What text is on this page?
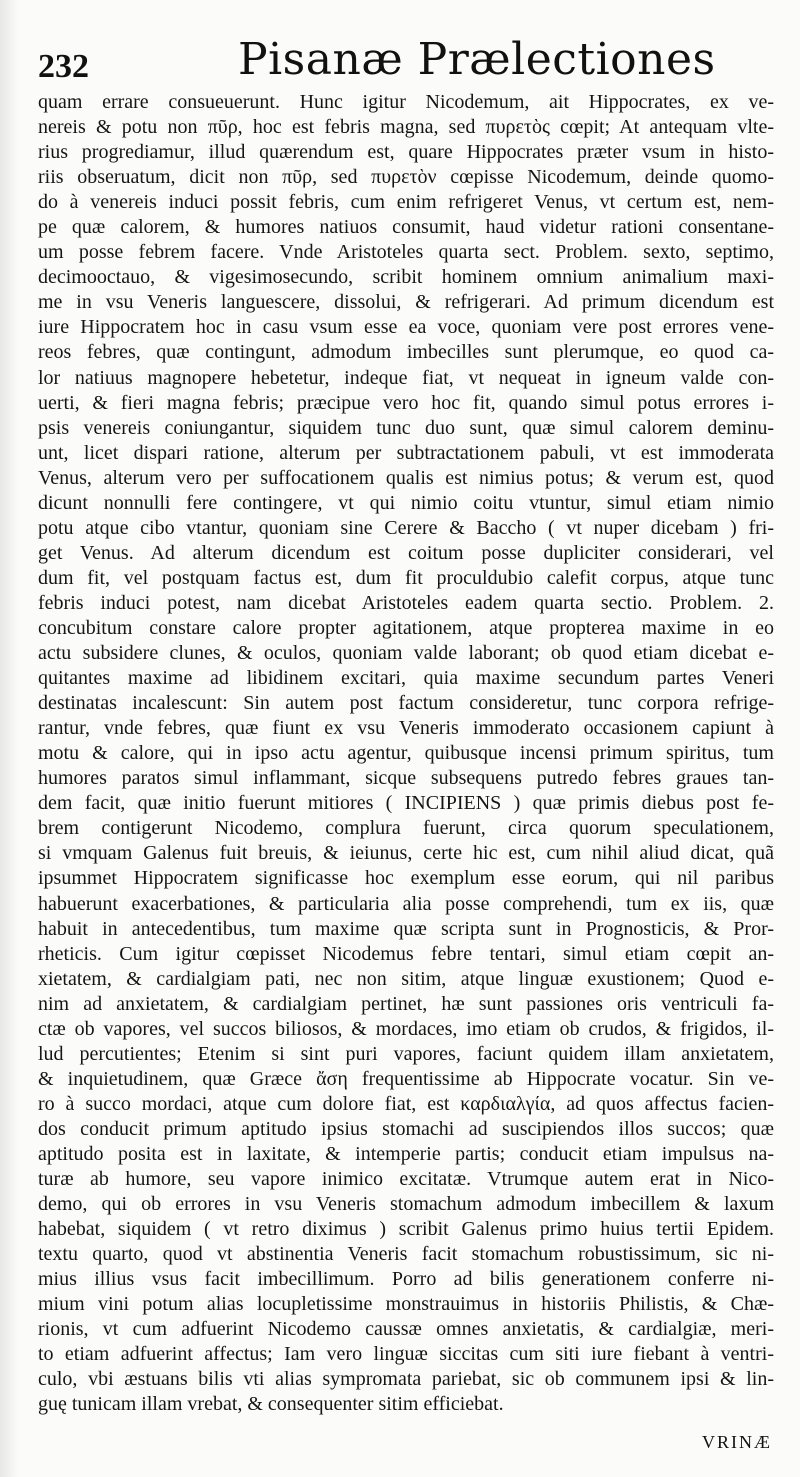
232	Pisanæ Prælectiones
quam errare consueuerunt. Hunc igitur Nicodemum, ait Hippocrates, ex ve-
nereis & potu non πῦρ, hoc est febris magna, sed πυρετὸς cœpit; At antequam vlte-
rius progrediamur, illud quærendum est, quare Hippocrates præter vsum in histo-
riis obseruatum, dicit non πῦρ, sed πυρετὸν cœpisse Nicodemum, deinde quomo-
do à venereis induci possit febris, cum enim refrigeret Venus, vt certum est, nem-
pe quæ calorem, & humores natiuos consumit, haud videtur rationi consentane-
um posse febrem facere. Vnde Aristoteles quarta sect. Problem. sexto, septimo,
decimooctauo, & vigesimosecundo, scribit hominem omnium animalium maxi-
me in vsu Veneris languescere, dissolui, & refrigerari. Ad primum dicendum est
iure Hippocratem hoc in casu vsum esse ea voce, quoniam vere post errores vene-
reos febres, quæ contingunt, admodum imbecilles sunt plerumque, eo quod ca-
lor natiuus magnopere hebetetur, indeque fiat, vt nequeat in igneum valde con-
uerti, & fieri magna febris; præcipue vero hoc fit, quando simul potus errores i-
psis venereis coniungantur, siquidem tunc duo sunt, quæ simul calorem deminu-
unt, licet dispari ratione, alterum per subtractationem pabuli, vt est immoderata
Venus, alterum vero per suffocationem qualis est nimius potus; & verum est, quod
dicunt nonnulli fere contingere, vt qui nimio coitu vtuntur, simul etiam nimio
potu atque cibo vtantur, quoniam sine Cerere & Baccho ( vt nuper dicebam ) fri-
get Venus. Ad alterum dicendum est coitum posse dupliciter considerari, vel
dum fit, vel postquam factus est, dum fit proculdubio calefit corpus, atque tunc
febris induci potest, nam dicebat Aristoteles eadem quarta sectio. Problem. 2.
concubitum constare calore propter agitationem, atque propterea maxime in eo
actu subsidere clunes, & oculos, quoniam valde laborant; ob quod etiam dicebat e-
quitantes maxime ad libidinem excitari, quia maxime secundum partes Veneri
destinatas incalescunt: Sin autem post factum consideretur, tunc corpora refrige-
rantur, vnde febres, quæ fiunt ex vsu Veneris immoderato occasionem capiunt à
motu & calore, qui in ipso actu agentur, quibusque incensi primum spiritus, tum
humores paratos simul inflammant, sicque subsequens putredo febres graues tan-
dem facit, quæ initio fuerunt mitiores ( INCIPIENS ) quæ primis diebus post fe-
brem contigerunt Nicodemo, complura fuerunt, circa quorum speculationem,
si vmquam Galenus fuit breuis, & ieiunus, certe hic est, cum nihil aliud dicat, quã
ipsummet Hippocratem significasse hoc exemplum esse eorum, qui nil paribus
habuerunt exacerbationes, & particularia alia posse comprehendi, tum ex iis, quæ
habuit in antecedentibus, tum maxime quæ scripta sunt in Prognosticis, & Pror-
rheticis. Cum igitur cœpisset Nicodemus febre tentari, simul etiam cœpit an-
xietatem, & cardialgiam pati, nec non sitim, atque linguæ exustionem; Quod e-
nim ad anxietatem, & cardialgiam pertinet, hæ sunt passiones oris ventriculi fa-
ctæ ob vapores, vel succos biliosos, & mordaces, imo etiam ob crudos, & frigidos, il-
lud percutientes; Etenim si sint puri vapores, faciunt quidem illam anxietatem,
& inquietudinem, quæ Græce ἄση frequentissime ab Hippocrate vocatur. Sin ve-
ro à succo mordaci, atque cum dolore fiat, est καρδιαλγία, ad quos affectus facien-
dos conducit primum aptitudo ipsius stomachi ad suscipiendos illos succos; quæ
aptitudo posita est in laxitate, & intemperie partis; conducit etiam impulsus na-
turæ ab humore, seu vapore inimico excitatæ. Vtrumque autem erat in Nico-
demo, qui ob errores in vsu Veneris stomachum admodum imbecillem & laxum
habebat, siquidem ( vt retro diximus ) scribit Galenus primo huius tertii Epidem.
textu quarto, quod vt abstinentia Veneris facit stomachum robustissimum, sic ni-
mius illius vsus facit imbecillimum. Porro ad bilis generationem conferre ni-
mium vini potum alias locupletissime monstrauimus in historiis Philistis, & Chæ-
rionis, vt cum adfuerint Nicodemo caussæ omnes anxietatis, & cardialgiæ, meri-
to etiam adfuerint affectus; Iam vero linguæ siccitas cum siti iure fiebant à ventri-
culo, vbi æstuans bilis vti alias sympromata pariebat, sic ob communem ipsi & lin-
guę tunicam illam vrebat, & consequenter sitim efficiebat.
VRINÆ
